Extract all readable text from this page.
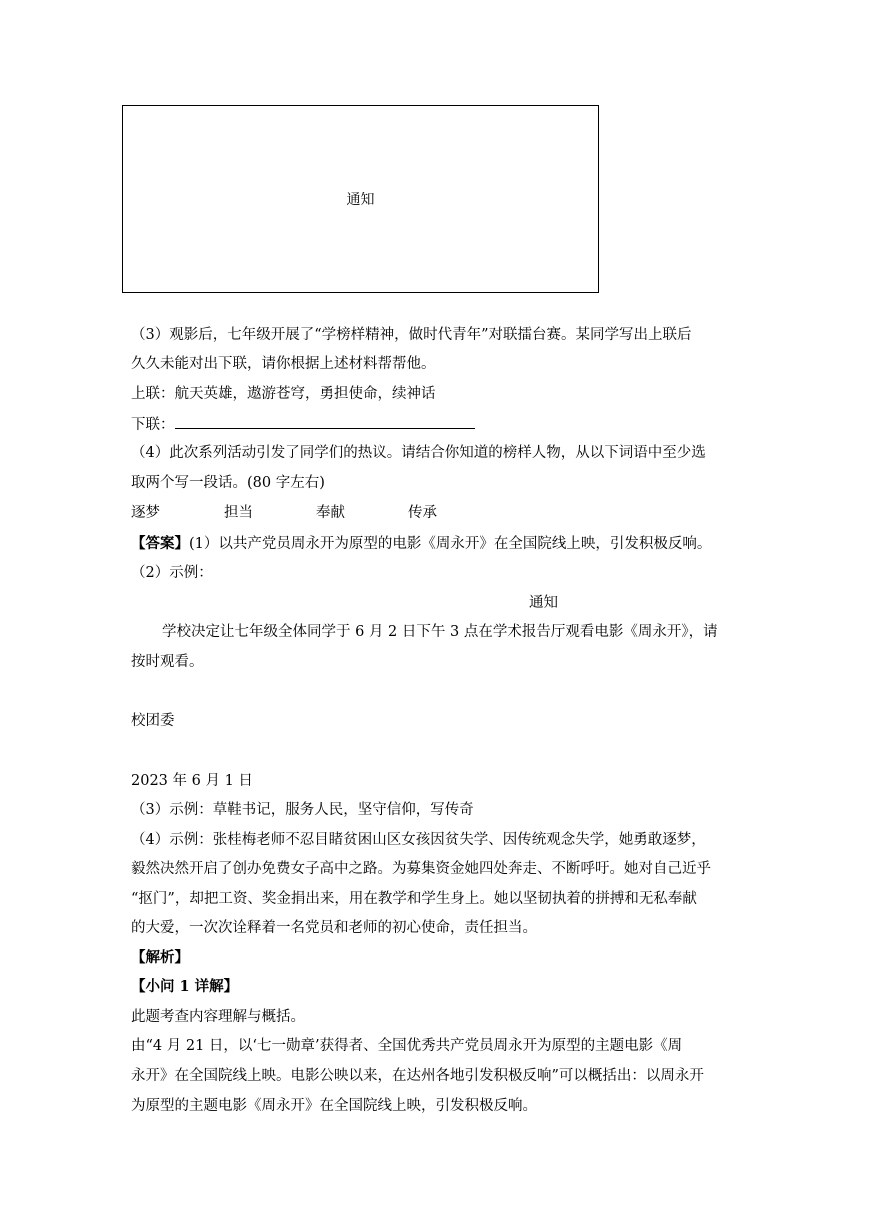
通知
（3）观影后，七年级开展了“学榜样精神，做时代青年”对联擂台赛。某同学写出上联后
久久未能对出下联，请你根据上述材料帮帮他。
上联：航天英雄，遨游苍穹，勇担使命，续神话
下联：
（4）此次系列活动引发了同学们的热议。请结合你知道的榜样人物，从以下词语中至少选
取两个写一段话。(80 字左右)
逐梦	担当	奉献	传承
【答案】(1）以共产党员周永开为原型的电影《周永开》在全国院线上映，引发积极反响。
（2）示例：
通知
学校决定让七年级全体同学于 6 月 2 日下午 3 点在学术报告厅观看电影《周永开》，请
按时观看。
校团委
2023 年 6 月 1 日
（3）示例：草鞋书记，服务人民，坚守信仰，写传奇
（4）示例：张桂梅老师不忍目睹贫困山区女孩因贫失学、因传统观念失学，她勇敢逐梦，
毅然决然开启了创办免费女子高中之路。为募集资金她四处奔走、不断呼吁。她对自己近乎
“抠门”，却把工资、奖金捐出来，用在教学和学生身上。她以坚韧执着的拼搏和无私奉献
的大爱，一次次诠释着一名党员和老师的初心使命，责任担当。
【解析】
【小问 1 详解】
此题考查内容理解与概括。
由“4 月 21 日，以‘七一勋章’获得者、全国优秀共产党员周永开为原型的主题电影《周
永开》在全国院线上映。电影公映以来，在达州各地引发积极反响”可以概括出：以周永开
为原型的主题电影《周永开》在全国院线上映，引发积极反响。
